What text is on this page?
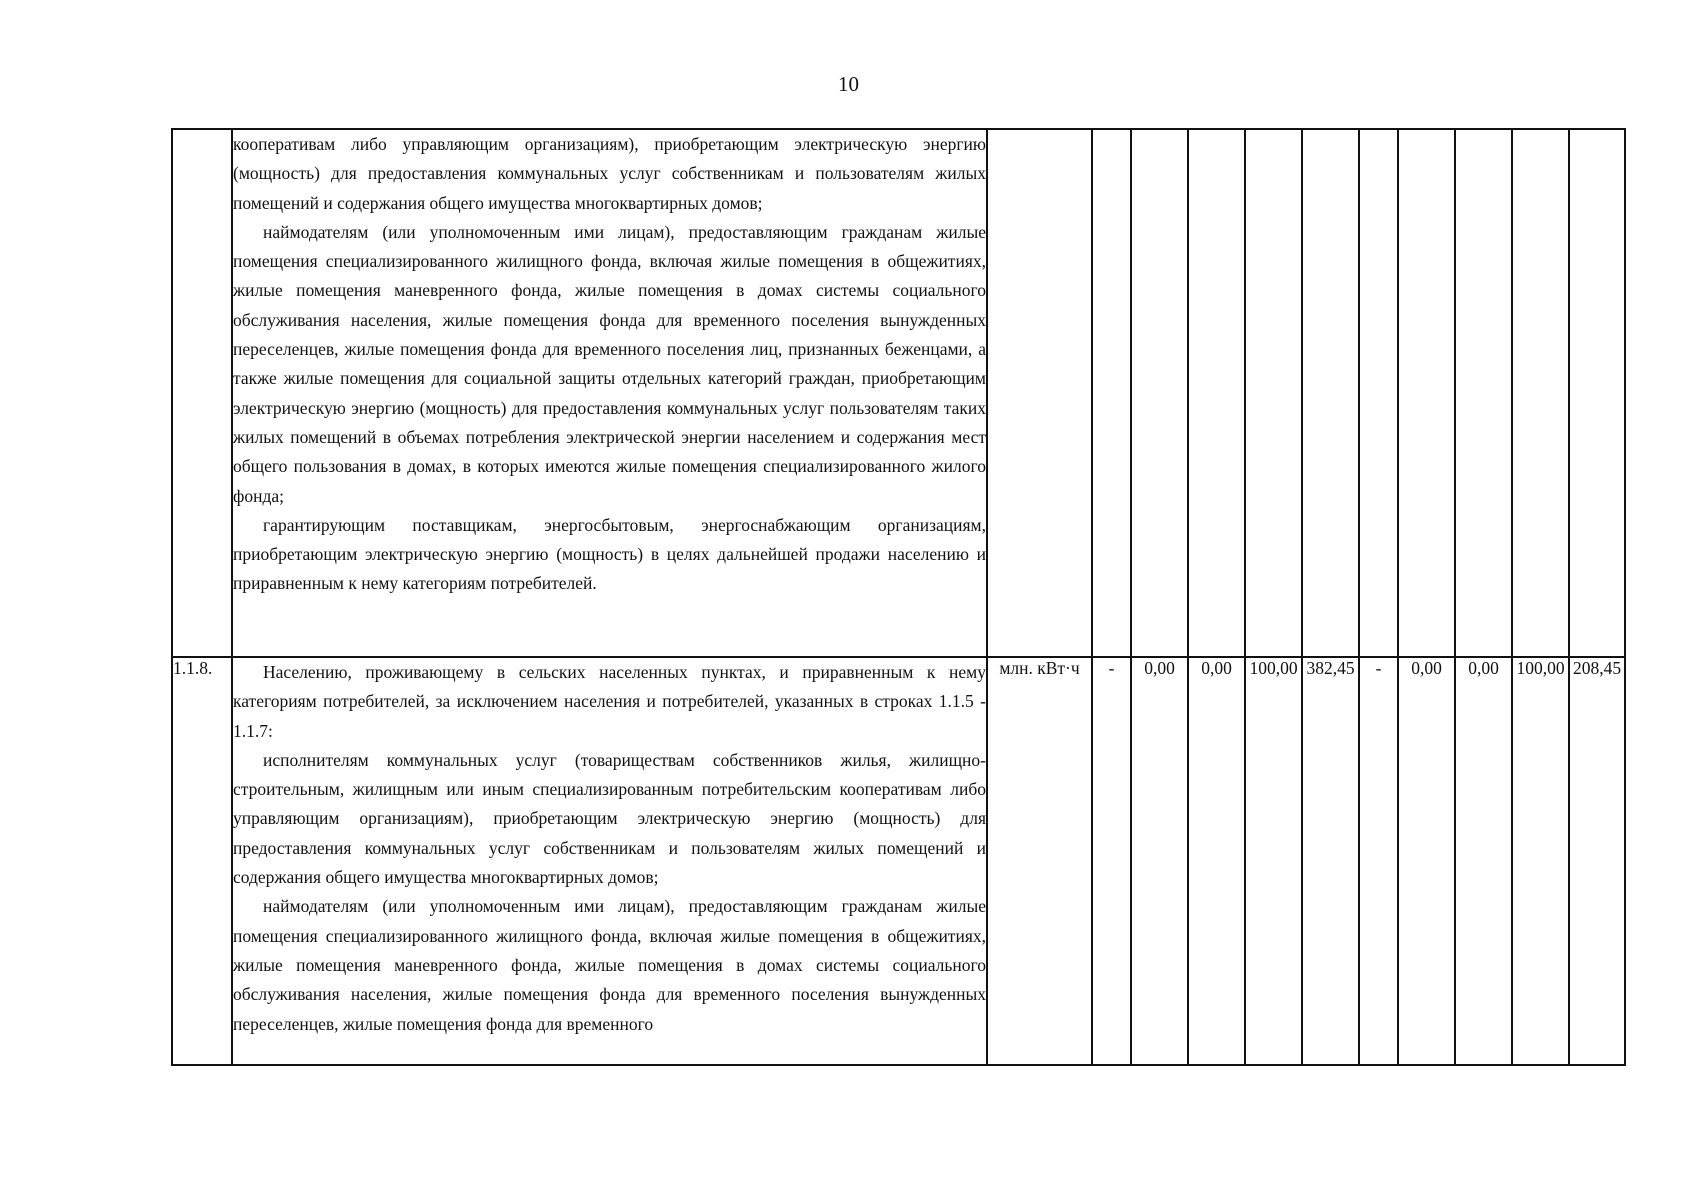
10

	кооперативам либо управляющим организациям), приобретающим электрическую энергию (мощность) для предоставления коммунальных услуг собственникам и пользователям жилых помещений и содержания общего имущества многоквартирных домов;

наймодателям (или уполномоченным ими лицам), предоставляющим гражданам жилые помещения специализированного жилищного фонда, включая жилые помещения в общежитиях, жилые помещения маневренного фонда, жилые помещения в домах системы социального обслуживания населения, жилые помещения фонда для временного поселения вынужденных переселенцев, жилые помещения фонда для временного поселения лиц, признанных беженцами, а также жилые помещения для социальной защиты отдельных категорий граждан, приобретающим электрическую энергию (мощность) для предоставления коммунальных услуг пользователям таких жилых помещений в объемах потребления электрической энергии населением и содержания мест общего пользования в домах, в которых имеются жилые помещения специализированного жилого фонда;

гарантирующим поставщикам, энергосбытовым, энергоснабжающим организациям, приобретающим электрическую энергию (мощность) в целях дальнейшей продажи населению и приравненным к нему категориям потребителей.											

1.1.8.	Населению, проживающему в сельских населенных пунктах, и приравненным к нему категориям потребителей, за исключением населения и потребителей, указанных в строках 1.1.5 - 1.1.7:

исполнителям коммунальных услуг (товариществам собственников жилья, жилищно-строительным, жилищным или иным специализированным потребительским кооперативам либо управляющим организациям), приобретающим электрическую энергию (мощность) для предоставления коммунальных услуг собственникам и пользователям жилых помещений и содержания общего имущества многоквартирных домов;

наймодателям (или уполномоченным ими лицам), предоставляющим гражданам жилые помещения специализированного жилищного фонда, включая жилые помещения в общежитиях, жилые помещения маневренного фонда, жилые помещения в домах системы социального обслуживания населения, жилые помещения фонда для временного поселения вынужденных переселенцев, жилые помещения фонда для временного	млн. кВт·ч	-	0,00	0,00	100,00	382,45	-	0,00	0,00	100,00	208,45
